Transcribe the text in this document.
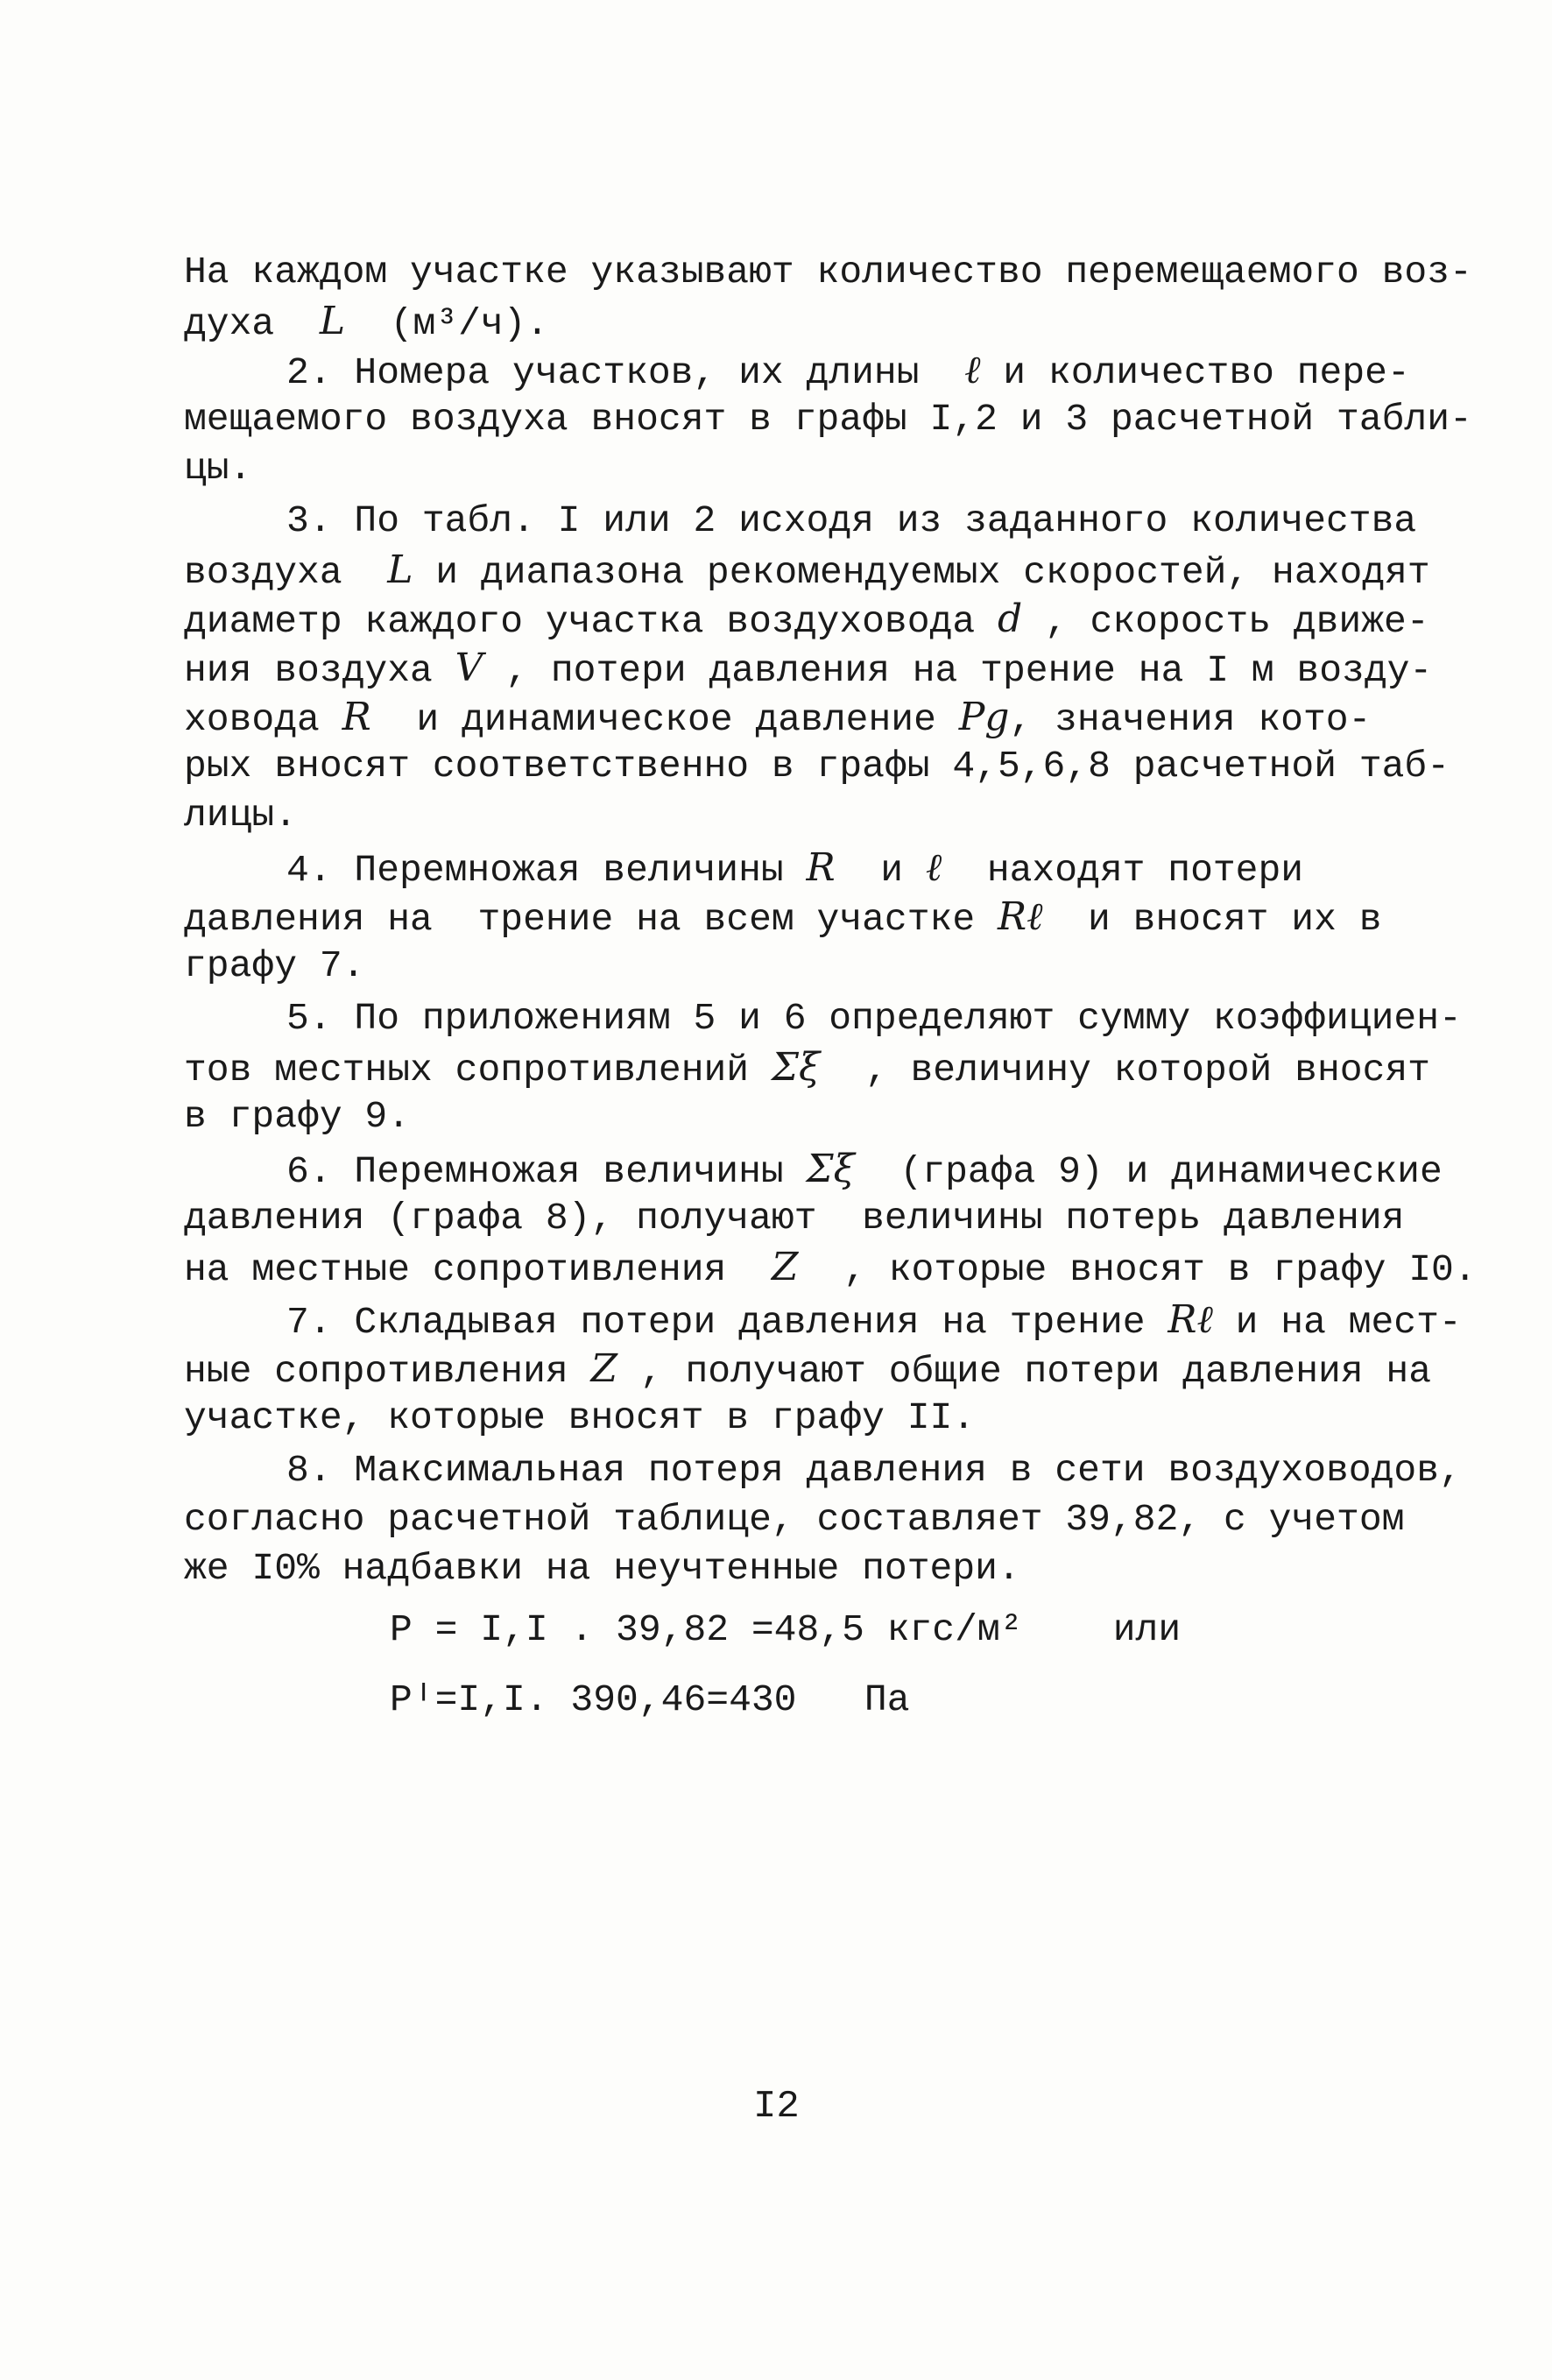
На каждом участке указывают количество перемещаемого воз-
духа L (м³/ч).
2. Номера участков, их длины ℓ и количество пере-
мещаемого воздуха вносят в графы I,2 и 3 расчетной табли-
цы.
3. По табл. I или 2 исходя из заданного количества
воздуха L и диапазона рекомендуемых скоростей, находят
диаметр каждого участка воздуховода d , скорость движе-
ния воздуха V , потери давления на трение на I м возду-
ховода R и динамическое давление Pg, значения кото-
рых вносят соответственно в графы 4,5,6,8 расчетной таб-
лицы.
4. Перемножая величины R и ℓ находят потери
давления на  трение на всем участке Rℓ и вносят их в
графу 7.
5. По приложениям 5 и 6 определяют сумму коэффициен-
тов местных сопротивлений Σξ , величину которой вносят
в графу 9.
6. Перемножая величины Σξ (графа 9) и динамические
давления (графа 8), получают  величины потерь давления
на местные сопротивления Z , которые вносят в графу I0.
7. Складывая потери давления на трение Rℓ и на мест-
ные сопротивления Z , получают общие потери давления на
участке, которые вносят в графу II.
8. Максимальная потеря давления в сети воздуховодов,
согласно расчетной таблице, составляет 39,82, с учетом
же I0% надбавки на неучтенные потери.
P = I,I . 39,82 =48,5 кгс/м² или
Pᴵ=I,I. 390,46=430 Па
I2
